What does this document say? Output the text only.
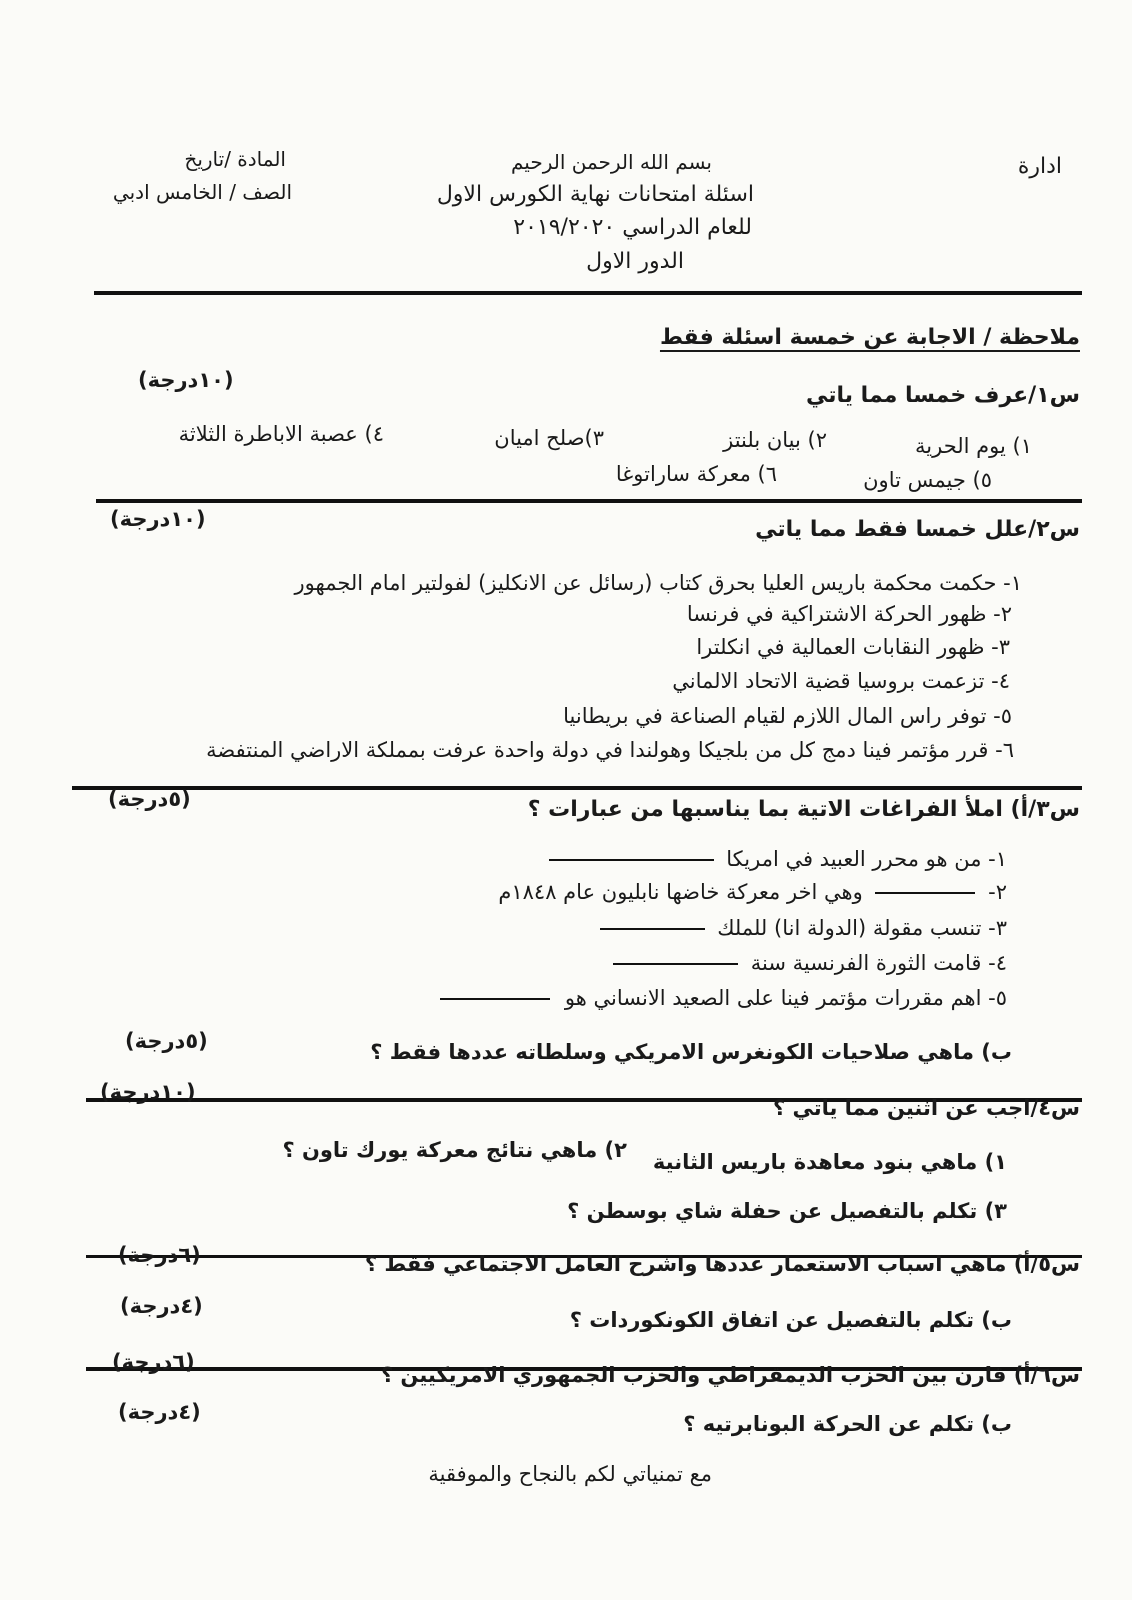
ادارة
بسم الله الرحمن الرحيم
اسئلة امتحانات نهاية الكورس الاول
للعام الدراسي ٢٠١٩/٢٠٢٠
الدور الاول
المادة /تاريخ
الصف / الخامس ادبي
ملاحظة / الاجابة عن خمسة اسئلة فقط
س١/عرف خمسا مما ياتي
(١٠درجة)
١) يوم الحرية
٢) بيان بلنتز
٣)صلح اميان
٤) عصبة الاباطرة الثلاثة
٥) جيمس تاون
٦) معركة ساراتوغا
س٢/علل خمسا فقط مما ياتي
(١٠درجة)
١- حكمت محكمة باريس العليا بحرق كتاب (رسائل عن الانكليز) لفولتير امام الجمهور
٢- ظهور الحركة الاشتراكية في فرنسا
٣- ظهور النقابات العمالية في انكلترا
٤- تزعمت بروسيا قضية الاتحاد الالماني
٥- توفر راس المال اللازم لقيام الصناعة في بريطانيا
٦- قرر مؤتمر فينا دمج كل من بلجيكا وهولندا في دولة واحدة عرفت بمملكة الاراضي المنتفضة
س٣/أ) املأ الفراغات الاتية بما يناسبها من عبارات ؟
(٥درجة)
١- من هو محرر العبيد في امريكا
٢-  وهي اخر معركة خاضها نابليون عام ١٨٤٨م
٣- تنسب مقولة (الدولة انا) للملك
٤- قامت الثورة الفرنسية سنة
٥- اهم مقررات مؤتمر فينا على الصعيد الانساني هو
ب) ماهي صلاحيات الكونغرس الامريكي وسلطاته عددها فقط ؟
(٥درجة)
س٤/اجب عن اثنين مما ياتي ؟
(١٠درجة)
١) ماهي بنود معاهدة باريس الثانية
٢) ماهي نتائج معركة يورك تاون ؟
٣) تكلم بالتفصيل عن حفلة شاي بوسطن ؟
س٥/أ) ماهي اسباب الاستعمار عددها واشرح العامل الاجتماعي فقط ؟
(٦درجة)
ب) تكلم بالتفصيل عن اتفاق الكونكوردات ؟
(٤درجة)
س٦/أ) قارن بين الحزب الديمقراطي والحزب الجمهوري الامريكيين ؟
(٦درجة)
ب) تكلم عن الحركة البونابرتيه ؟
(٤درجة)
مع تمنياتي لكم بالنجاح والموفقية
